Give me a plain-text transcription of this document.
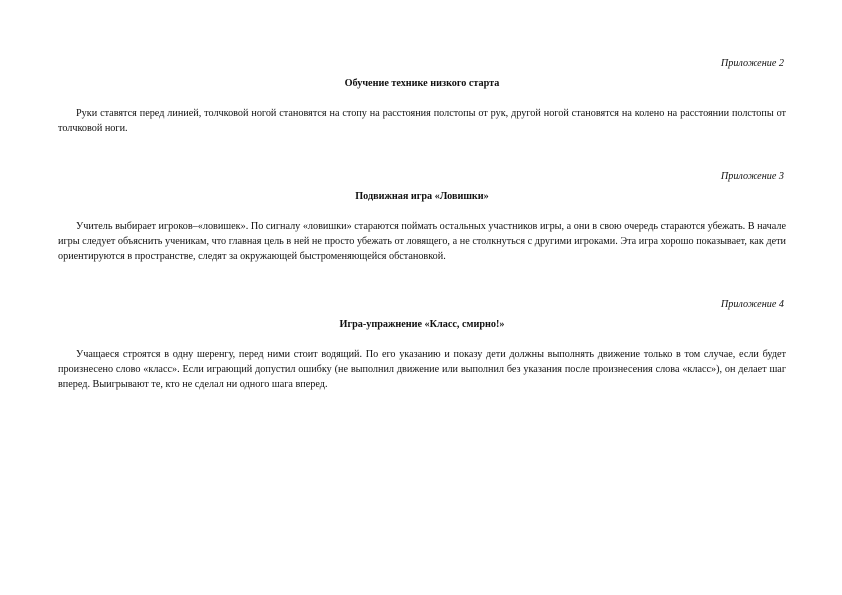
Приложение 2

Обучение технике низкого старта

Руки ставятся перед линией, толчковой ногой становятся на стопу на расстояния полстопы от рук, другой ногой становятся на колено на расстоянии полстопы от толчковой ноги.

Приложение 3

Подвижная игра «Ловишки»

Учитель выбирает игроков–«ловишек». По сигналу «ловишки» стараются поймать остальных участников игры, а они в свою очередь стараются убежать. В начале игры следует объяснить ученикам, что главная цель в ней не просто убежать от ловящего, а не столкнуться с другими игроками. Эта игра хорошо показывает, как дети ориентируются в пространстве, следят за окружающей быстроменяющейся обстановкой.

Приложение 4

Игра-упражнение «Класс, смирно!»

Учащаеся строятся в одну шеренгу, перед ними стоит водящий. По его указанию и показу дети должны выполнять движение только в том случае, если будет произнесено слово «класс». Если играющий допустил ошибку (не выполнил движение или выполнил без указания после произнесения слова «класс»), он делает шаг вперед. Выигрывают те, кто не сделал ни одного шага вперед.
